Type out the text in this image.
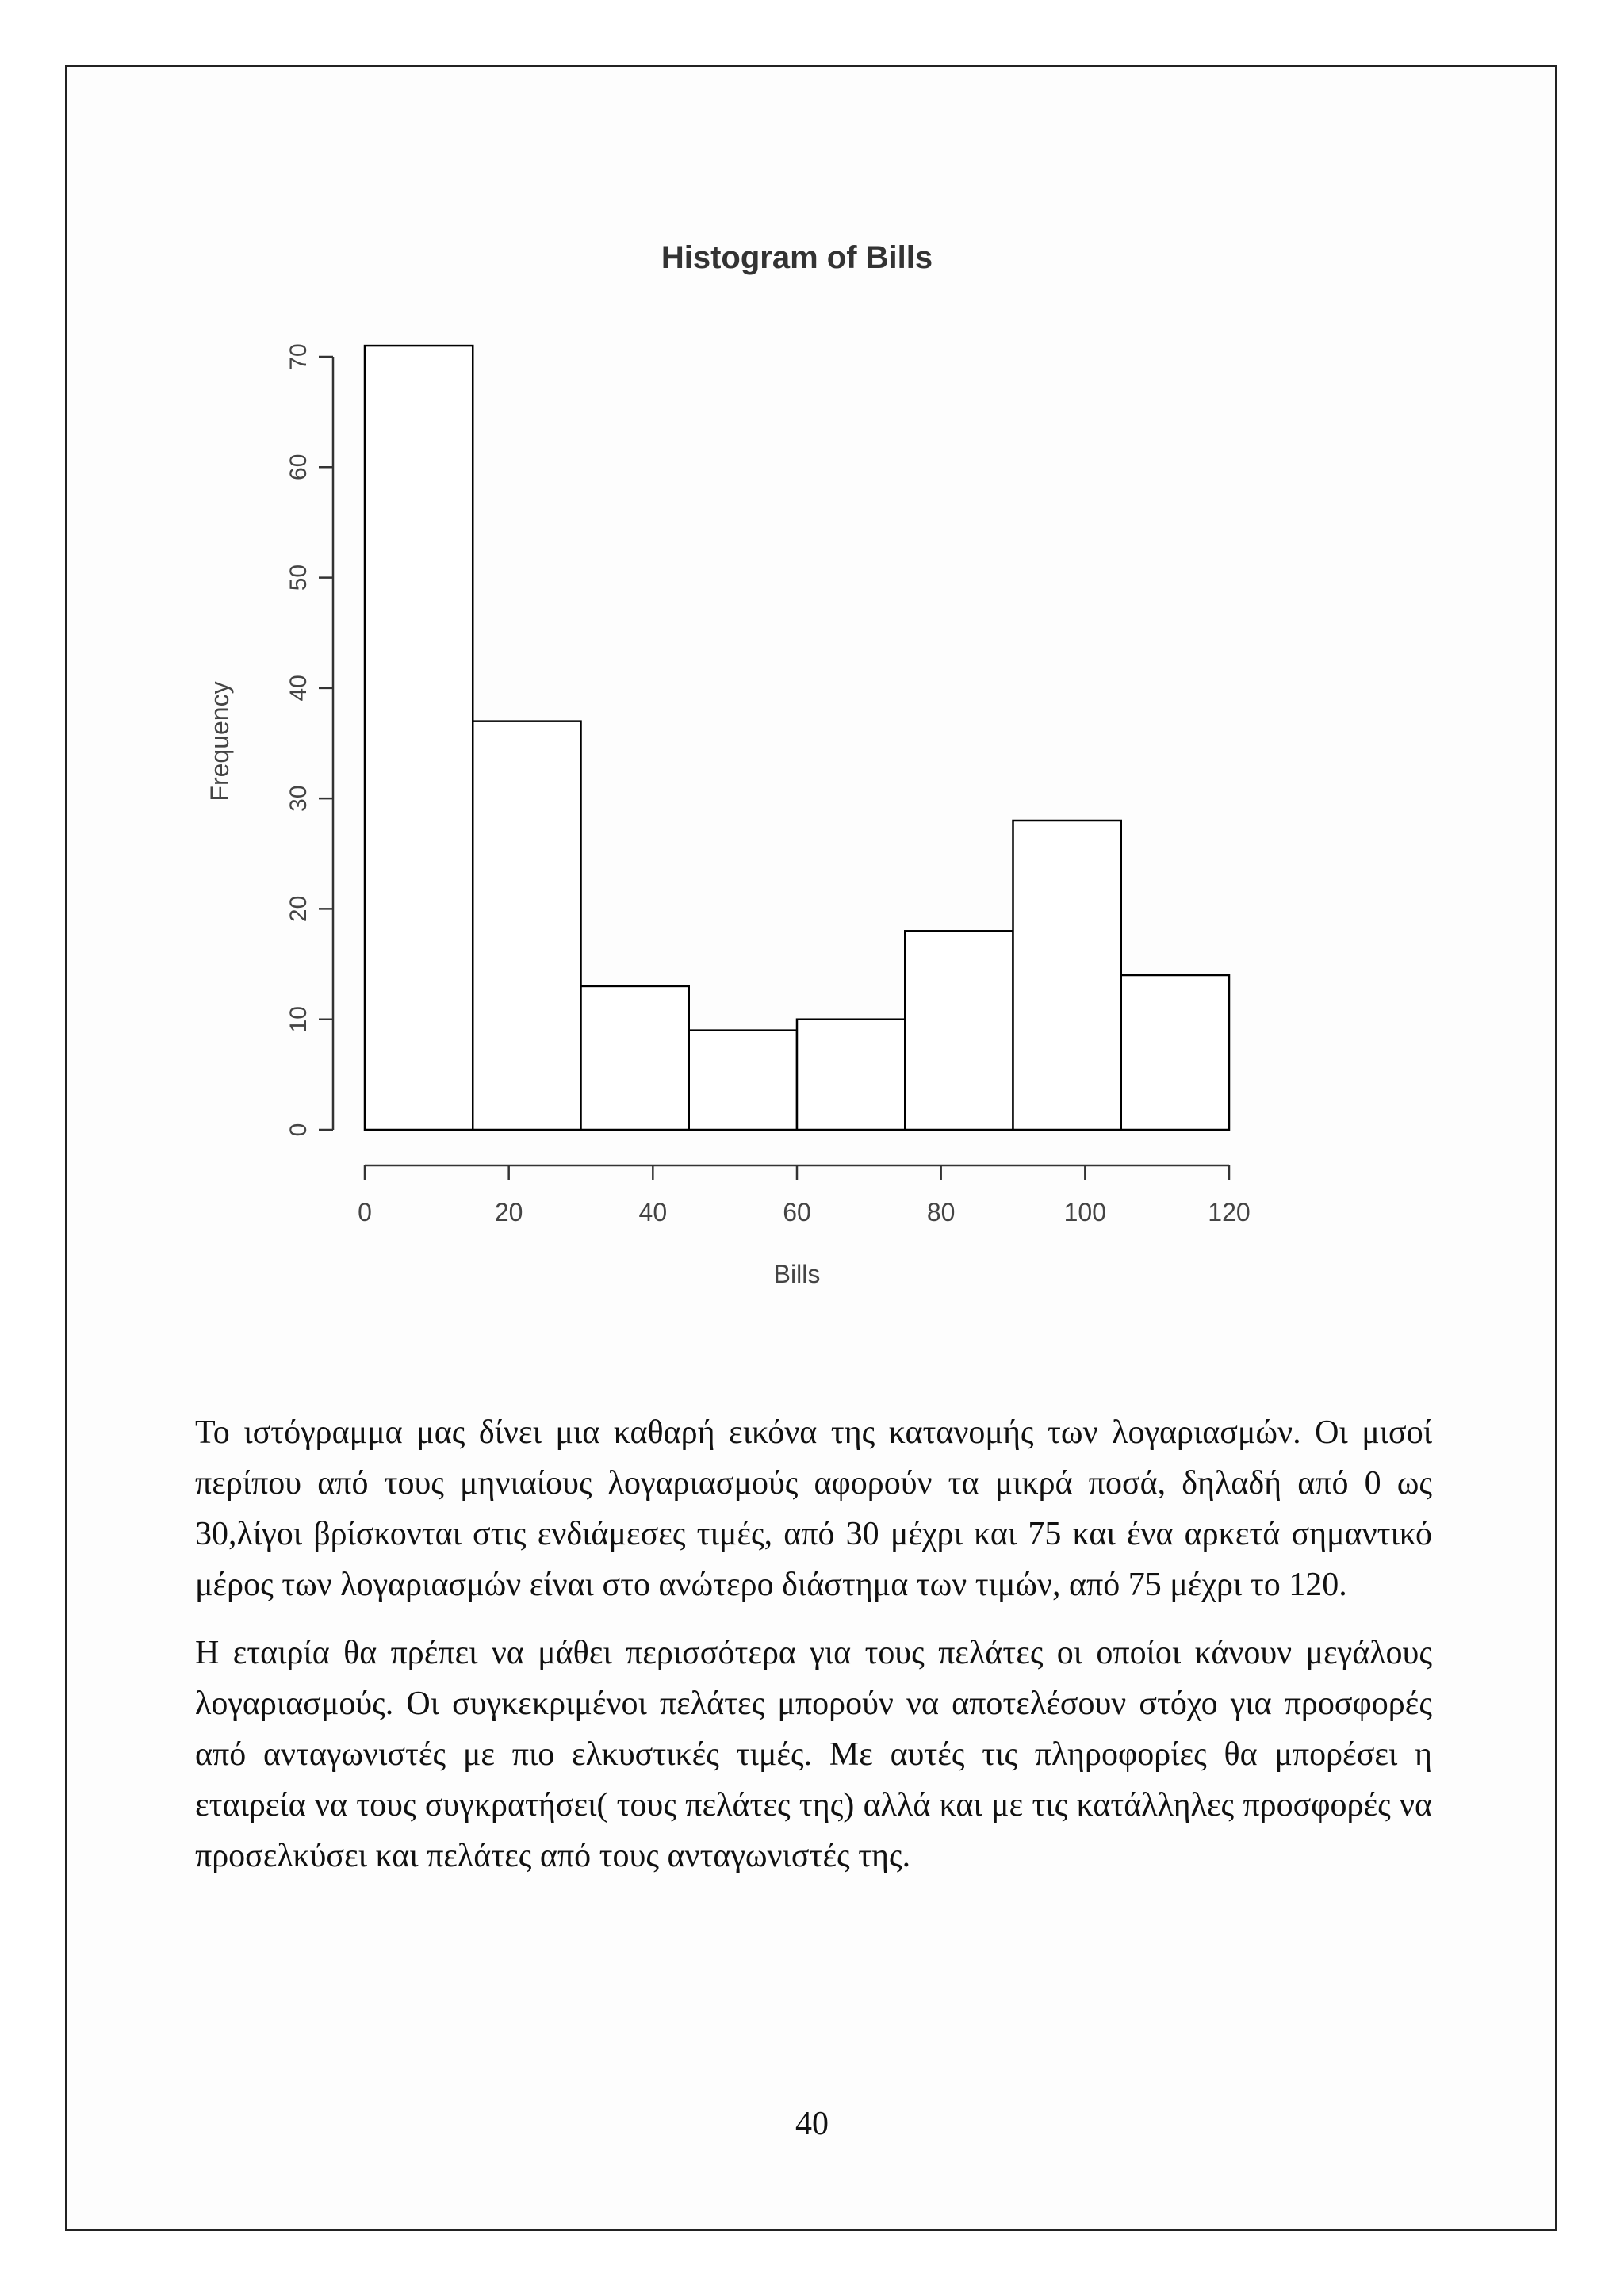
Histogram of Bills
Frequency
Bills
0
10
20
30
40
50
60
70
0	20	40	60	80	100	120

Το ιστόγραμμα μας δίνει μια καθαρή εικόνα της κατανομής των λογαριασμών. Οι μισοί περίπου από τους μηνιαίους λογαριασμούς αφορούν τα μικρά ποσά, δηλαδή από 0 ως 30,λίγοι βρίσκονται στις ενδιάμεσες τιμές, από 30 μέχρι και 75 και ένα αρκετά σημαντικό μέρος των λογαριασμών είναι στο ανώτερο διάστημα των τιμών, από 75 μέχρι το 120.

Η εταιρία θα πρέπει να μάθει περισσότερα για τους πελάτες οι οποίοι κάνουν μεγάλους λογαριασμούς. Οι συγκεκριμένοι πελάτες μπορούν να αποτελέσουν στόχο για προσφορές από ανταγωνιστές με πιο ελκυστικές τιμές. Με αυτές τις πληροφορίες θα μπορέσει η εταιρεία να τους συγκρατήσει( τους πελάτες της) αλλά και με τις κατάλληλες προσφορές να προσελκύσει και πελάτες από τους ανταγωνιστές της.

40
